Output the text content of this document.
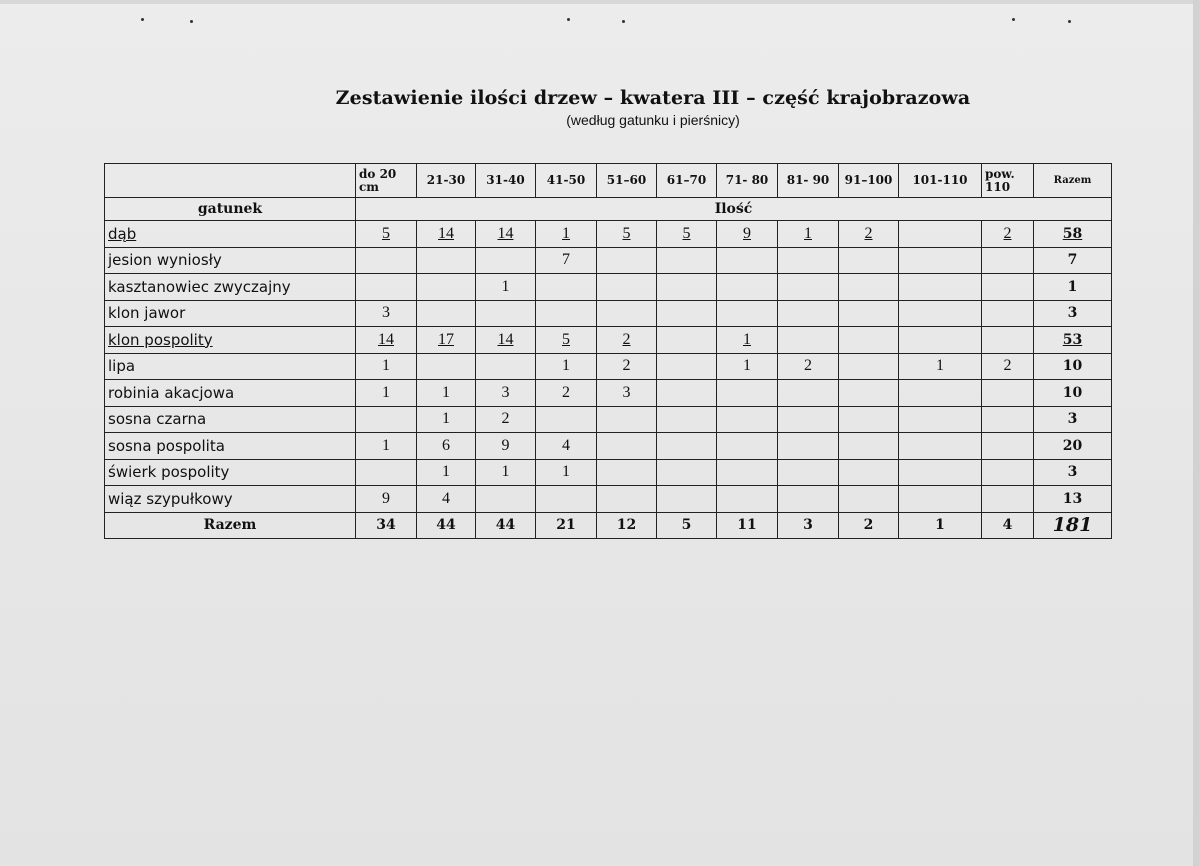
Zestawienie ilości drzew – kwatera III – część krajobrazowa
(według gatunku i pierśnicy)
	do 20 cm	21-30	31-40	41-50	51–60	61–70	71- 80	81- 90	91–100	101-110	pow. 110	Razem
gatunek	Ilość											
dąb	5	14	14	1	5	5	9	1	2		2	58
jesion wyniosły				7								7
kasztanowiec zwyczajny			1									1
klon jawor	3											3
klon pospolity	14	17	14	5	2		1					53
lipa	1			1	2		1	2		1	2	10
robinia akacjowa	1	1	3	2	3							10
sosna czarna		1	2									3
sosna pospolita	1	6	9	4								20
świerk pospolity		1	1	1								3
wiąz szypułkowy	9	4										13
Razem	34	44	44	21	12	5	11	3	2	1	4	181
